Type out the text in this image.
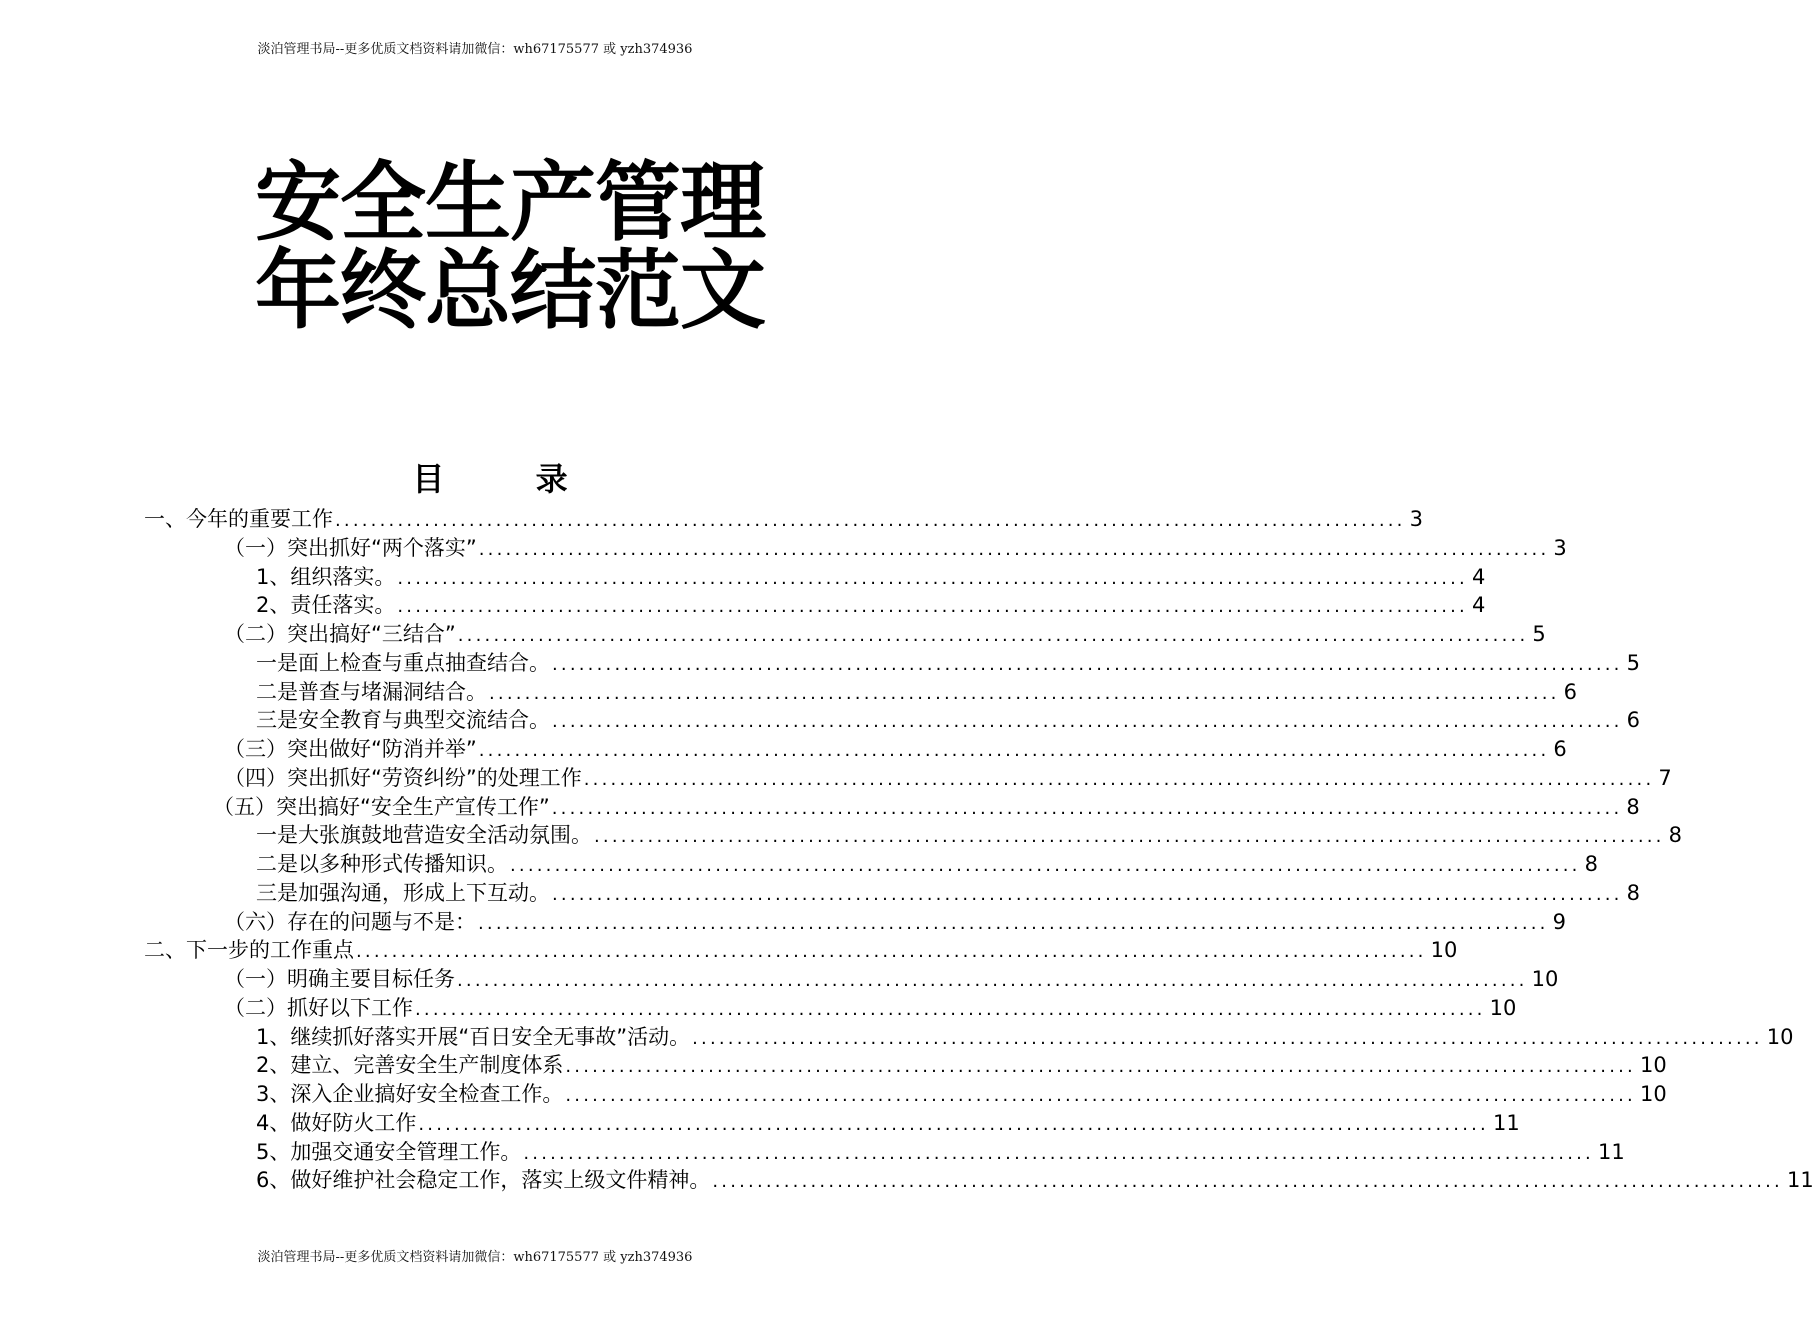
淡泊管理书局--更多优质文档资料请加微信：wh67175577 或 yzh374936
安全生产管理
年终总结范文
目 录
一、今年的重要工作 ........................................................................................................................ 3
（一）突出抓好“两个落实” ........................................................................................................................ 3
1、组织落实。 ........................................................................................................................ 4
2、责任落实。 ........................................................................................................................ 4
（二）突出搞好“三结合” ........................................................................................................................ 5
一是面上检查与重点抽查结合。 ........................................................................................................................ 5
二是普查与堵漏洞结合。 ........................................................................................................................ 6
三是安全教育与典型交流结合。 ........................................................................................................................ 6
（三）突出做好“防消并举” ........................................................................................................................ 6
（四）突出抓好“劳资纠纷”的处理工作 ........................................................................................................................ 7
（五）突出搞好“安全生产宣传工作” ........................................................................................................................ 8
一是大张旗鼓地营造安全活动氛围。 ........................................................................................................................ 8
二是以多种形式传播知识。 ........................................................................................................................ 8
三是加强沟通，形成上下互动。 ........................................................................................................................ 8
（六）存在的问题与不是： ........................................................................................................................ 9
二、下一步的工作重点 ........................................................................................................................ 10
（一）明确主要目标任务 ........................................................................................................................ 10
（二）抓好以下工作 ........................................................................................................................ 10
1、继续抓好落实开展“百日安全无事故”活动。 ........................................................................................................................ 10
2、建立、完善安全生产制度体系 ........................................................................................................................ 10
3、深入企业搞好安全检查工作。 ........................................................................................................................ 10
4、做好防火工作 ........................................................................................................................ 11
5、加强交通安全管理工作。 ........................................................................................................................ 11
6、做好维护社会稳定工作，落实上级文件精神。 ........................................................................................................................ 11
淡泊管理书局--更多优质文档资料请加微信：wh67175577 或 yzh374936
